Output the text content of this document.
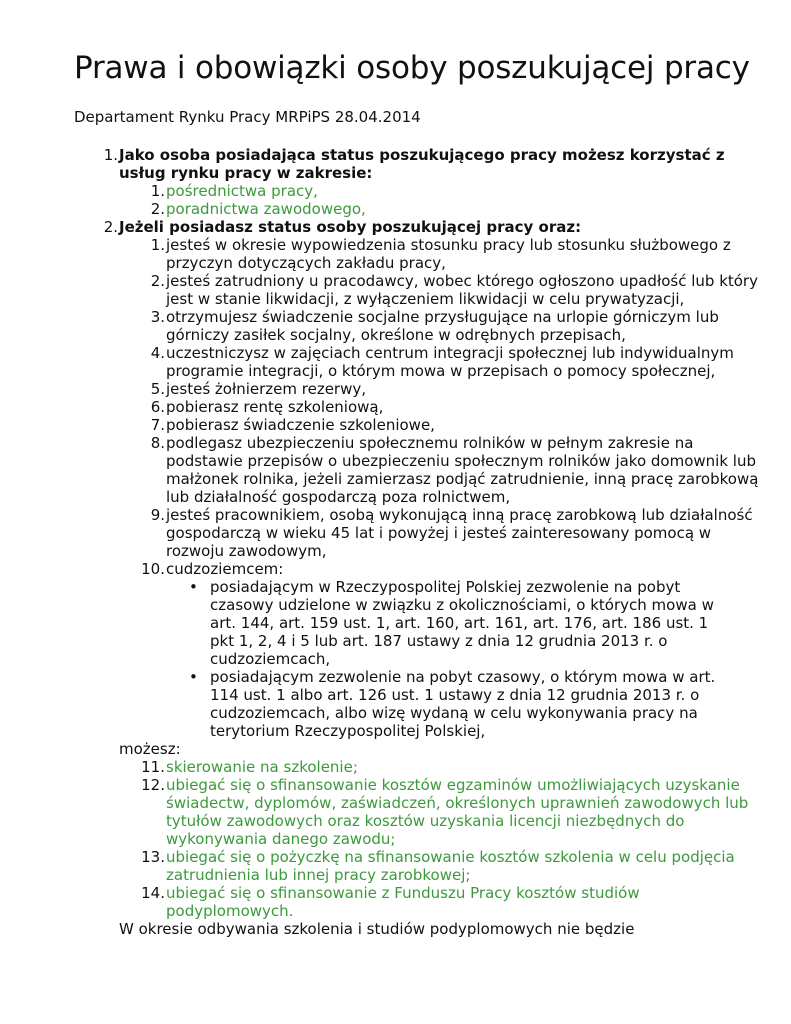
Prawa i obowiązki osoby poszukującej pracy
Departament Rynku Pracy MRPiPS 28.04.2014
1. Jako osoba posiadająca status poszukującego pracy możesz korzystać z usług rynku pracy w zakresie:
1. pośrednictwa pracy,
2. poradnictwa zawodowego,
2. Jeżeli posiadasz status osoby poszukującej pracy oraz:
1. jesteś w okresie wypowiedzenia stosunku pracy lub stosunku służbowego z przyczyn dotyczących zakładu pracy,
2. jesteś zatrudniony u pracodawcy, wobec którego ogłoszono upadłość lub który jest w stanie likwidacji, z wyłączeniem likwidacji w celu prywatyzacji,
3. otrzymujesz świadczenie socjalne przysługujące na urlopie górniczym lub górniczy zasiłek socjalny, określone w odrębnych przepisach,
4. uczestniczysz w zajęciach centrum integracji społecznej lub indywidualnym programie integracji, o którym mowa w przepisach o pomocy społecznej,
5. jesteś żołnierzem rezerwy,
6. pobierasz rentę szkoleniową,
7. pobierasz świadczenie szkoleniowe,
8. podlegasz ubezpieczeniu społecznemu rolników w pełnym zakresie na podstawie przepisów o ubezpieczeniu społecznym rolników jako domownik lub małżonek rolnika, jeżeli zamierzasz podjąć zatrudnienie, inną pracę zarobkową lub działalność gospodarczą poza rolnictwem,
9. jesteś pracownikiem, osobą wykonującą inną pracę zarobkową lub działalność gospodarczą w wieku 45 lat i powyżej i jesteś zainteresowany pomocą w rozwoju zawodowym,
10. cudzoziemcem:
• posiadającym w Rzeczypospolitej Polskiej zezwolenie na pobyt czasowy udzielone w związku z okolicznościami, o których mowa w art. 144, art. 159 ust. 1, art. 160, art. 161, art. 176, art. 186 ust. 1 pkt 1, 2, 4 i 5 lub art. 187 ustawy z dnia 12 grudnia 2013 r. o cudzoziemcach,
• posiadającym zezwolenie na pobyt czasowy, o którym mowa w art. 114 ust. 1 albo art. 126 ust. 1 ustawy z dnia 12 grudnia 2013 r. o cudzoziemcach, albo wizę wydaną w celu wykonywania pracy na terytorium Rzeczypospolitej Polskiej,
możesz:
11. skierowanie na szkolenie;
12. ubiegać się o sfinansowanie kosztów egzaminów umożliwiających uzyskanie świadectw, dyplomów, zaświadczeń, określonych uprawnień zawodowych lub tytułów zawodowych oraz kosztów uzyskania licencji niezbędnych do wykonywania danego zawodu;
13. ubiegać się o pożyczkę na sfinansowanie kosztów szkolenia w celu podjęcia zatrudnienia lub innej pracy zarobkowej;
14. ubiegać się o sfinansowanie z Funduszu Pracy kosztów studiów podyplomowych.
W okresie odbywania szkolenia i studiów podyplomowych nie będzie
